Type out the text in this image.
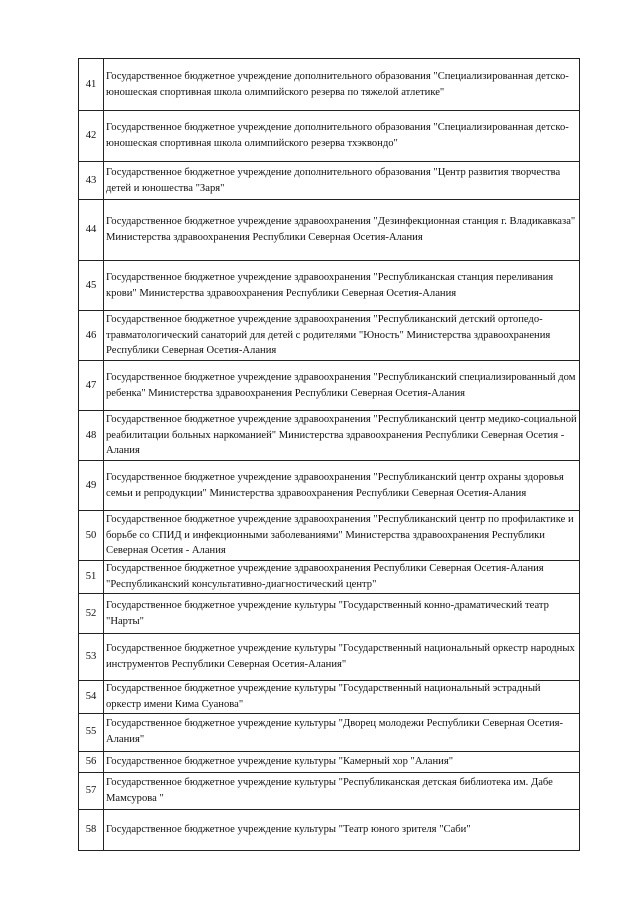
41	Государственное бюджетное учреждение дополнительного образования "Специализированная детско-юношеская спортивная школа олимпийского резерва по тяжелой атлетике"
42	Государственное бюджетное учреждение дополнительного образования "Специализированная детско-юношеская спортивная школа олимпийского резерва тхэквондо"
43	Государственное бюджетное учреждение дополнительного образования "Центр развития творчества детей и юношества "Заря"
44	Государственное бюджетное учреждение здравоохранения "Дезинфекционная станция г. Владикавказа" Министерства здравоохранения Республики Северная Осетия-Алания
45	Государственное бюджетное учреждение здравоохранения "Республиканская станция переливания крови" Министерства здравоохранения Республики Северная Осетия-Алания
46	Государственное бюджетное учреждение здравоохранения "Республиканский детский ортопедо-травматологический санаторий для детей с родителями "Юность" Министерства здравоохранения Республики Северная Осетия-Алания
47	Государственное бюджетное учреждение здравоохранения "Республиканский специализированный дом ребенка" Министерства здравоохранения Республики Северная Осетия-Алания
48	Государственное бюджетное учреждение здравоохранения "Республиканский центр медико-социальной реабилитации больных наркоманией" Министерства здравоохранения Республики Северная Осетия - Алания
49	Государственное бюджетное учреждение здравоохранения "Республиканский центр охраны здоровья семьи и репродукции" Министерства здравоохранения Республики Северная Осетия-Алания
50	Государственное бюджетное учреждение здравоохранения "Республиканский центр по профилактике и борьбе со СПИД и инфекционными заболеваниями" Министерства здравоохранения Республики Северная Осетия - Алания
51	Государственное бюджетное учреждение здравоохранения Республики Северная Осетия-Алания "Республиканский консультативно-диагностический центр"
52	Государственное бюджетное учреждение культуры "Государственный конно-драматический театр "Нарты"
53	Государственное бюджетное учреждение культуры "Государственный национальный оркестр народных инструментов Республики Северная Осетия-Алания"
54	Государственное бюджетное учреждение культуры "Государственный национальный эстрадный оркестр имени Кима Суанова"
55	Государственное бюджетное учреждение культуры "Дворец молодежи Республики Северная Осетия-Алания"
56	Государственное бюджетное учреждение культуры "Камерный хор "Алания"
57	Государственное бюджетное учреждение культуры "Республиканская детская библиотека им. Дабе Мамсурова "
58	Государственное бюджетное учреждение культуры "Театр юного зрителя "Саби"
